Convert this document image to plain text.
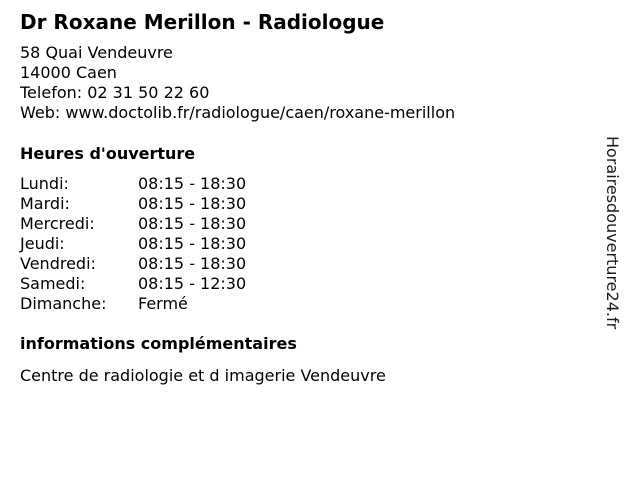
Dr Roxane Merillon - Radiologue
58 Quai Vendeuvre
14000 Caen
Telefon: 02 31 50 22 60
Web: www.doctolib.fr/radiologue/caen/roxane-merillon
Heures d'ouverture
Lundi:	08:15 - 18:30
Mardi:	08:15 - 18:30
Mercredi:	08:15 - 18:30
Jeudi:	08:15 - 18:30
Vendredi:	08:15 - 18:30
Samedi:	08:15 - 12:30
Dimanche:	Fermé
informations complémentaires
Centre de radiologie et d imagerie Vendeuvre
Horairesdouverture24.fr
